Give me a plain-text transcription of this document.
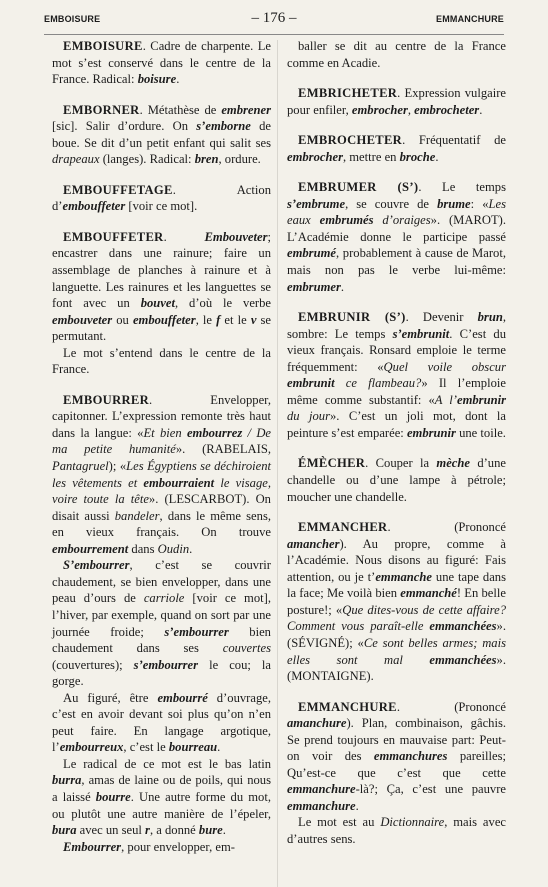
EMBOISURE	– 176 –	EMMANCHURE

EMBOISURE. Cadre de charpente. Le mot s’est conservé dans le centre de la France. Radical: boisure.

EMBORNER. Métathèse de embrener [sic]. Salir d’ordure. On s’emborne de boue. Se dit d’un petit enfant qui salit ses drapeaux (langes). Radical: bren, ordure.

EMBOUFFETAGE. Action d’embouffeter [voir ce mot].

EMBOUFFETER. Embouveter; encastrer dans une rainure; faire un assemblage de planches à rainure et à languette. Les rainures et les languettes se font avec un bouvet, d’où le verbe embouveter ou embouffeter, le f et le v se permutant.

Le mot s’entend dans le centre de la France.

EMBOURRER. Envelopper, capitonner. L’expression remonte très haut dans la langue: «Et bien embourrez / De ma petite humanité». (RABELAIS, Pantagruel); «Les Égyptiens se déchiroient les vêtements et embourraient le visage, voire toute la tête». (LESCARBOT). On disait aussi bandeler, dans le même sens, en vieux français. On trouve embourrement dans Oudin.

S’embourrer, c’est se couvrir chaudement, se bien envelopper, dans une peau d’ours de carriole [voir ce mot], l’hiver, par exemple, quand on sort par une journée froide; s’embourrer bien chaudement dans ses couvertes (couvertures); s’embourrer le cou; la gorge.

Au figuré, être embourré d’ouvrage, c’est en avoir devant soi plus qu’on n’en peut faire. En langage argotique, l’embourreux, c’est le bourreau.

Le radical de ce mot est le bas latin burra, amas de laine ou de poils, qui nous a laissé bourre. Une autre forme du mot, ou plutôt une autre manière de l’épeler, bura avec un seul r, a donné bure.

Embourrer, pour envelopper, em-

baller se dit au centre de la France comme en Acadie.

EMBRICHETER. Expression vulgaire pour enfiler, embrocher, embrocheter.

EMBROCHETER. Fréquentatif de embrocher, mettre en broche.

EMBRUMER (S’). Le temps s’embrume, se couvre de brume: «Les eaux embrumés d’oraiges». (MAROT). L’Académie donne le participe passé embrumé, probablement à cause de Marot, mais non pas le verbe lui-même: embrumer.

EMBRUNIR (S’). Devenir brun, sombre: Le temps s’embrunit. C’est du vieux français. Ronsard emploie le terme fréquemment: «Quel voile obscur embrunit ce flambeau?» Il l’emploie même comme substantif: «A l’embrunir du jour». C’est un joli mot, dont la peinture s’est emparée: embrunir une toile.

ÉMÈCHER. Couper la mèche d’une chandelle ou d’une lampe à pétrole; moucher une chandelle.

EMMANCHER. (Prononcé amancher). Au propre, comme à l’Académie. Nous disons au figuré: Fais attention, ou je t’emmanche une tape dans la face; Me voilà bien emmanché! En belle posture!; «Que dites-vous de cette affaire? Comment vous paraît-elle emmanchées». (SÉVIGNÉ); «Ce sont belles armes; mais elles sont mal emmanchées». (MONTAIGNE).

EMMANCHURE. (Prononcé amanchure). Plan, combinaison, gâchis. Se prend toujours en mauvaise part: Peut-on voir des emmanchures pareilles; Qu’est-ce que c’est que cette emmanchure-là?; Ça, c’est une pauvre emmanchure.

Le mot est au Dictionnaire, mais avec d’autres sens.
